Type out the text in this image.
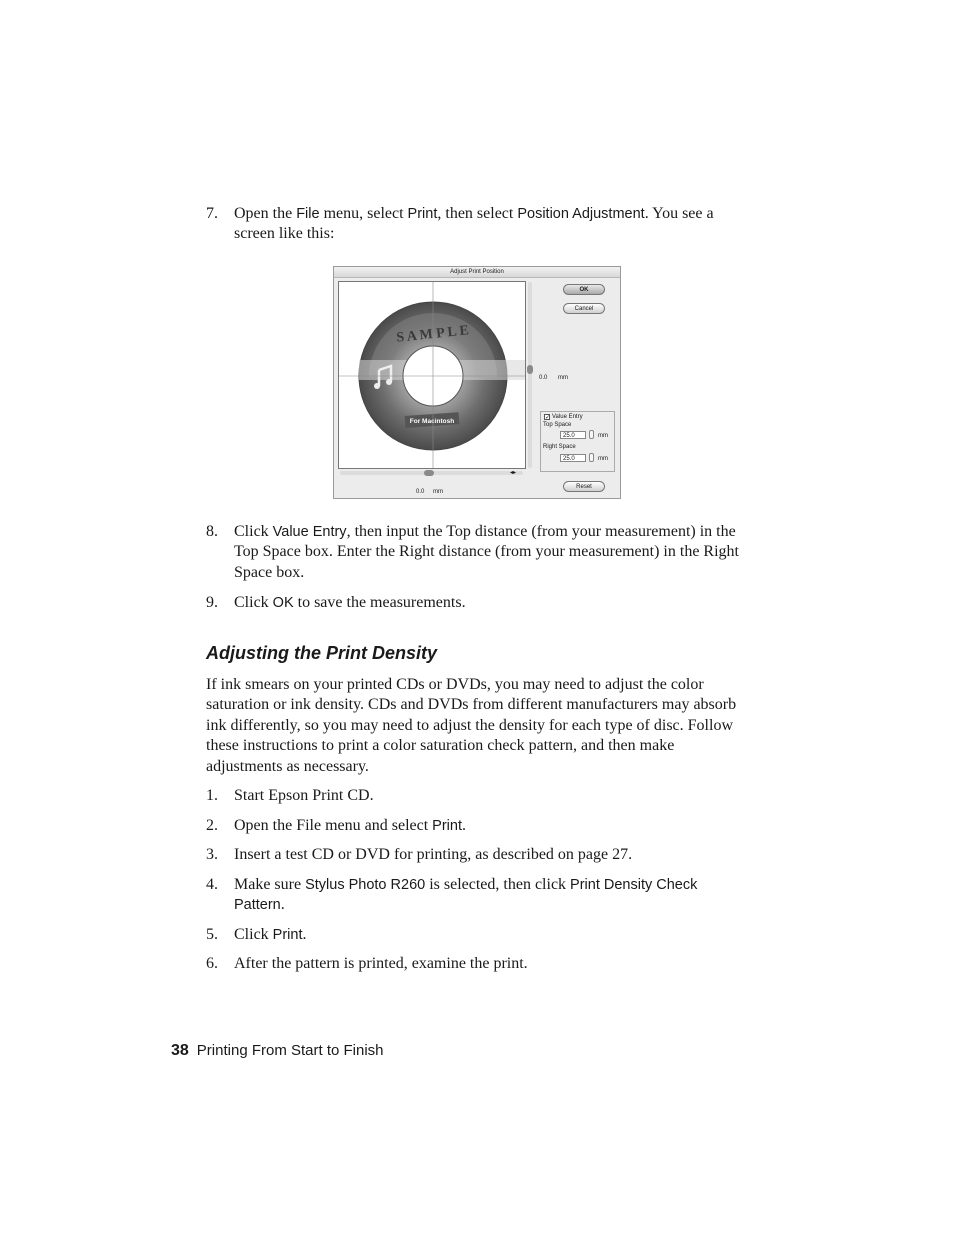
7.	Open the File menu, select Print, then select Position Adjustment. You see a screen like this:
Adjust Print Position
For Macintosh
S A M P L E
◂▸
0.0 mm
0.0 mm
OK
Cancel
✓ Value Entry
Top Space
25.0	mm
Right Space
25.0	mm
Reset
8.	Click Value Entry, then input the Top distance (from your measurement) in the Top Space box. Enter the Right distance (from your measurement) in the Right Space box.
9.	Click OK to save the measurements.
Adjusting the Print Density
If ink smears on your printed CDs or DVDs, you may need to adjust the color saturation or ink density. CDs and DVDs from different manufacturers may absorb ink differently, so you may need to adjust the density for each type of disc. Follow these instructions to print a color saturation check pattern, and then make adjustments as necessary.
1.	Start Epson Print CD.
2.	Open the File menu and select Print.
3.	Insert a test CD or DVD for printing, as described on page 27.
4.	Make sure Stylus Photo R260 is selected, then click Print Density Check Pattern.
5.	Click Print.
6.	After the pattern is printed, examine the print.
38 Printing From Start to Finish
